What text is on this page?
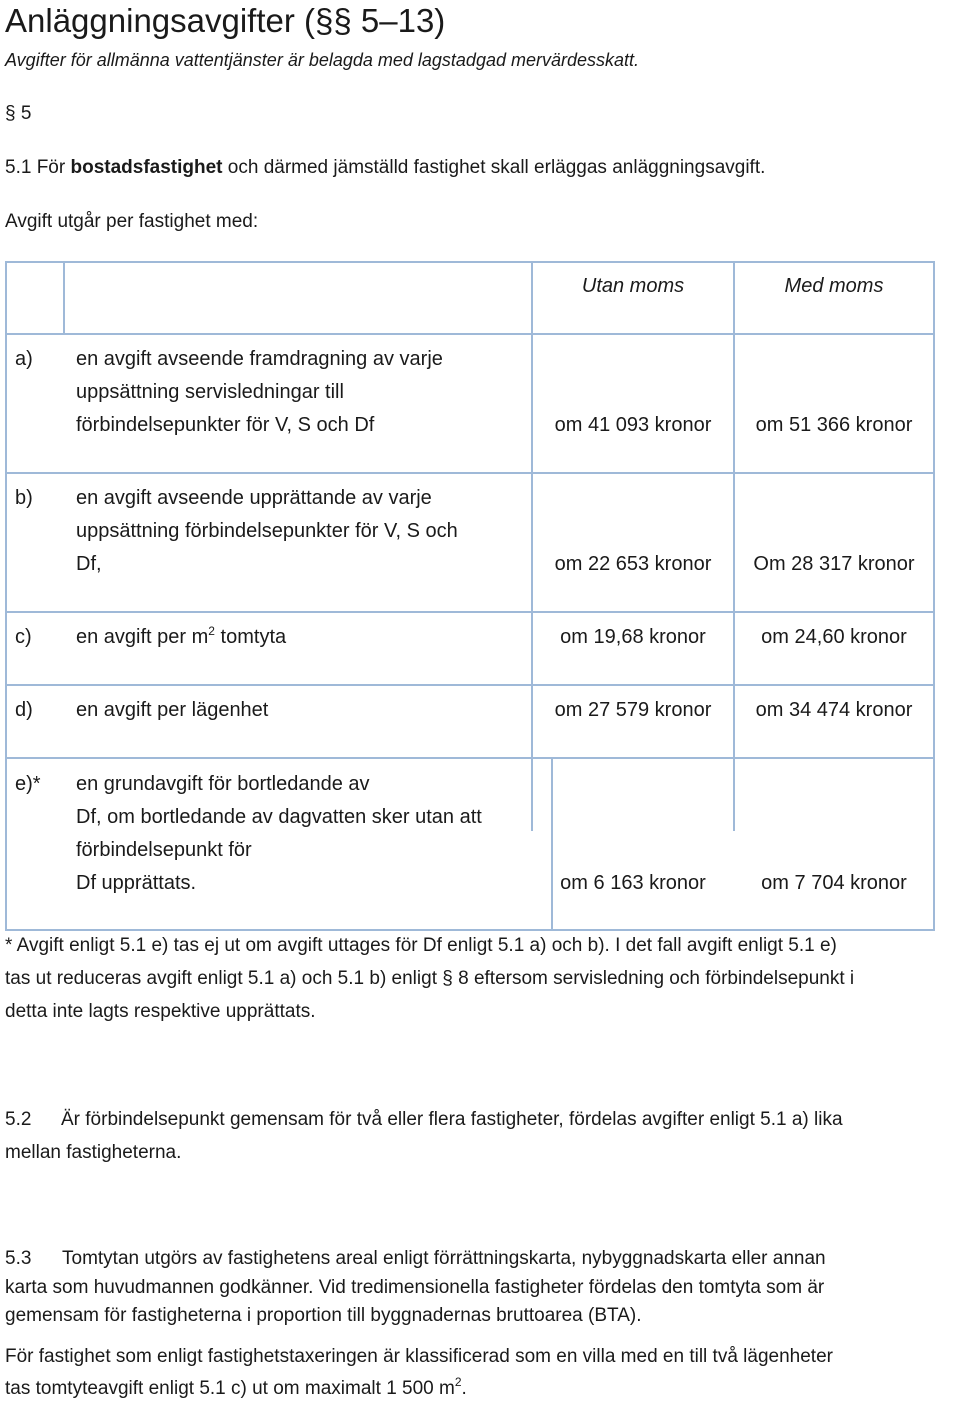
Anläggningsavgifter (§§ 5–13)
Avgifter för allmänna vattentjänster är belagda med lagstadgad mervärdesskatt.
§ 5
5.1 För bostadsfastighet och därmed jämställd fastighet skall erläggas anläggningsavgift.
Avgift utgår per fastighet med:
Utan moms	Med moms
a) en avgift avseende framdragning av varje
uppsättning servisledningar till
förbindelsepunkter för V, S och Df	om 41 093 kronor	om 51 366 kronor
b) en avgift avseende upprättande av varje
uppsättning förbindelsepunkter för V, S och
Df,	om 22 653 kronor	Om 28 317 kronor
c) en avgift per $m^2$ tomtyta	om 19,68 kronor	om 24,60 kronor
d) en avgift per lägenhet	om 27 579 kronor	om 34 474 kronor
e)* en grundavgift för bortledande av
Df, om bortledande av dagvatten sker utan att
förbindelsepunkt för
Df upprättats.	om 6 163 kronor	om 7 704 kronor
* Avgift enligt 5.1 e) tas ej ut om avgift uttages för Df enligt 5.1 a) och b). I det fall avgift enligt 5.1 e)
tas ut reduceras avgift enligt 5.1 a) och 5.1 b) enligt § 8 eftersom servisledning och förbindelsepunkt i
detta inte lagts respektive upprättats.
5.2 Är förbindelsepunkt gemensam för två eller flera fastigheter, fördelas avgifter enligt 5.1 a) lika
mellan fastigheterna.
5.3 Tomtytan utgörs av fastighetens areal enligt förrättningskarta, nybyggnadskarta eller annan
karta som huvudmannen godkänner. Vid tredimensionella fastigheter fördelas den tomtyta som är
gemensam för fastigheterna i proportion till byggnadernas bruttoarea (BTA).
För fastighet som enligt fastighetstaxeringen är klassificerad som en villa med en till två lägenheter
tas tomtyteavgift enligt 5.1 c) ut om maximalt 1 500 $m^2$.
